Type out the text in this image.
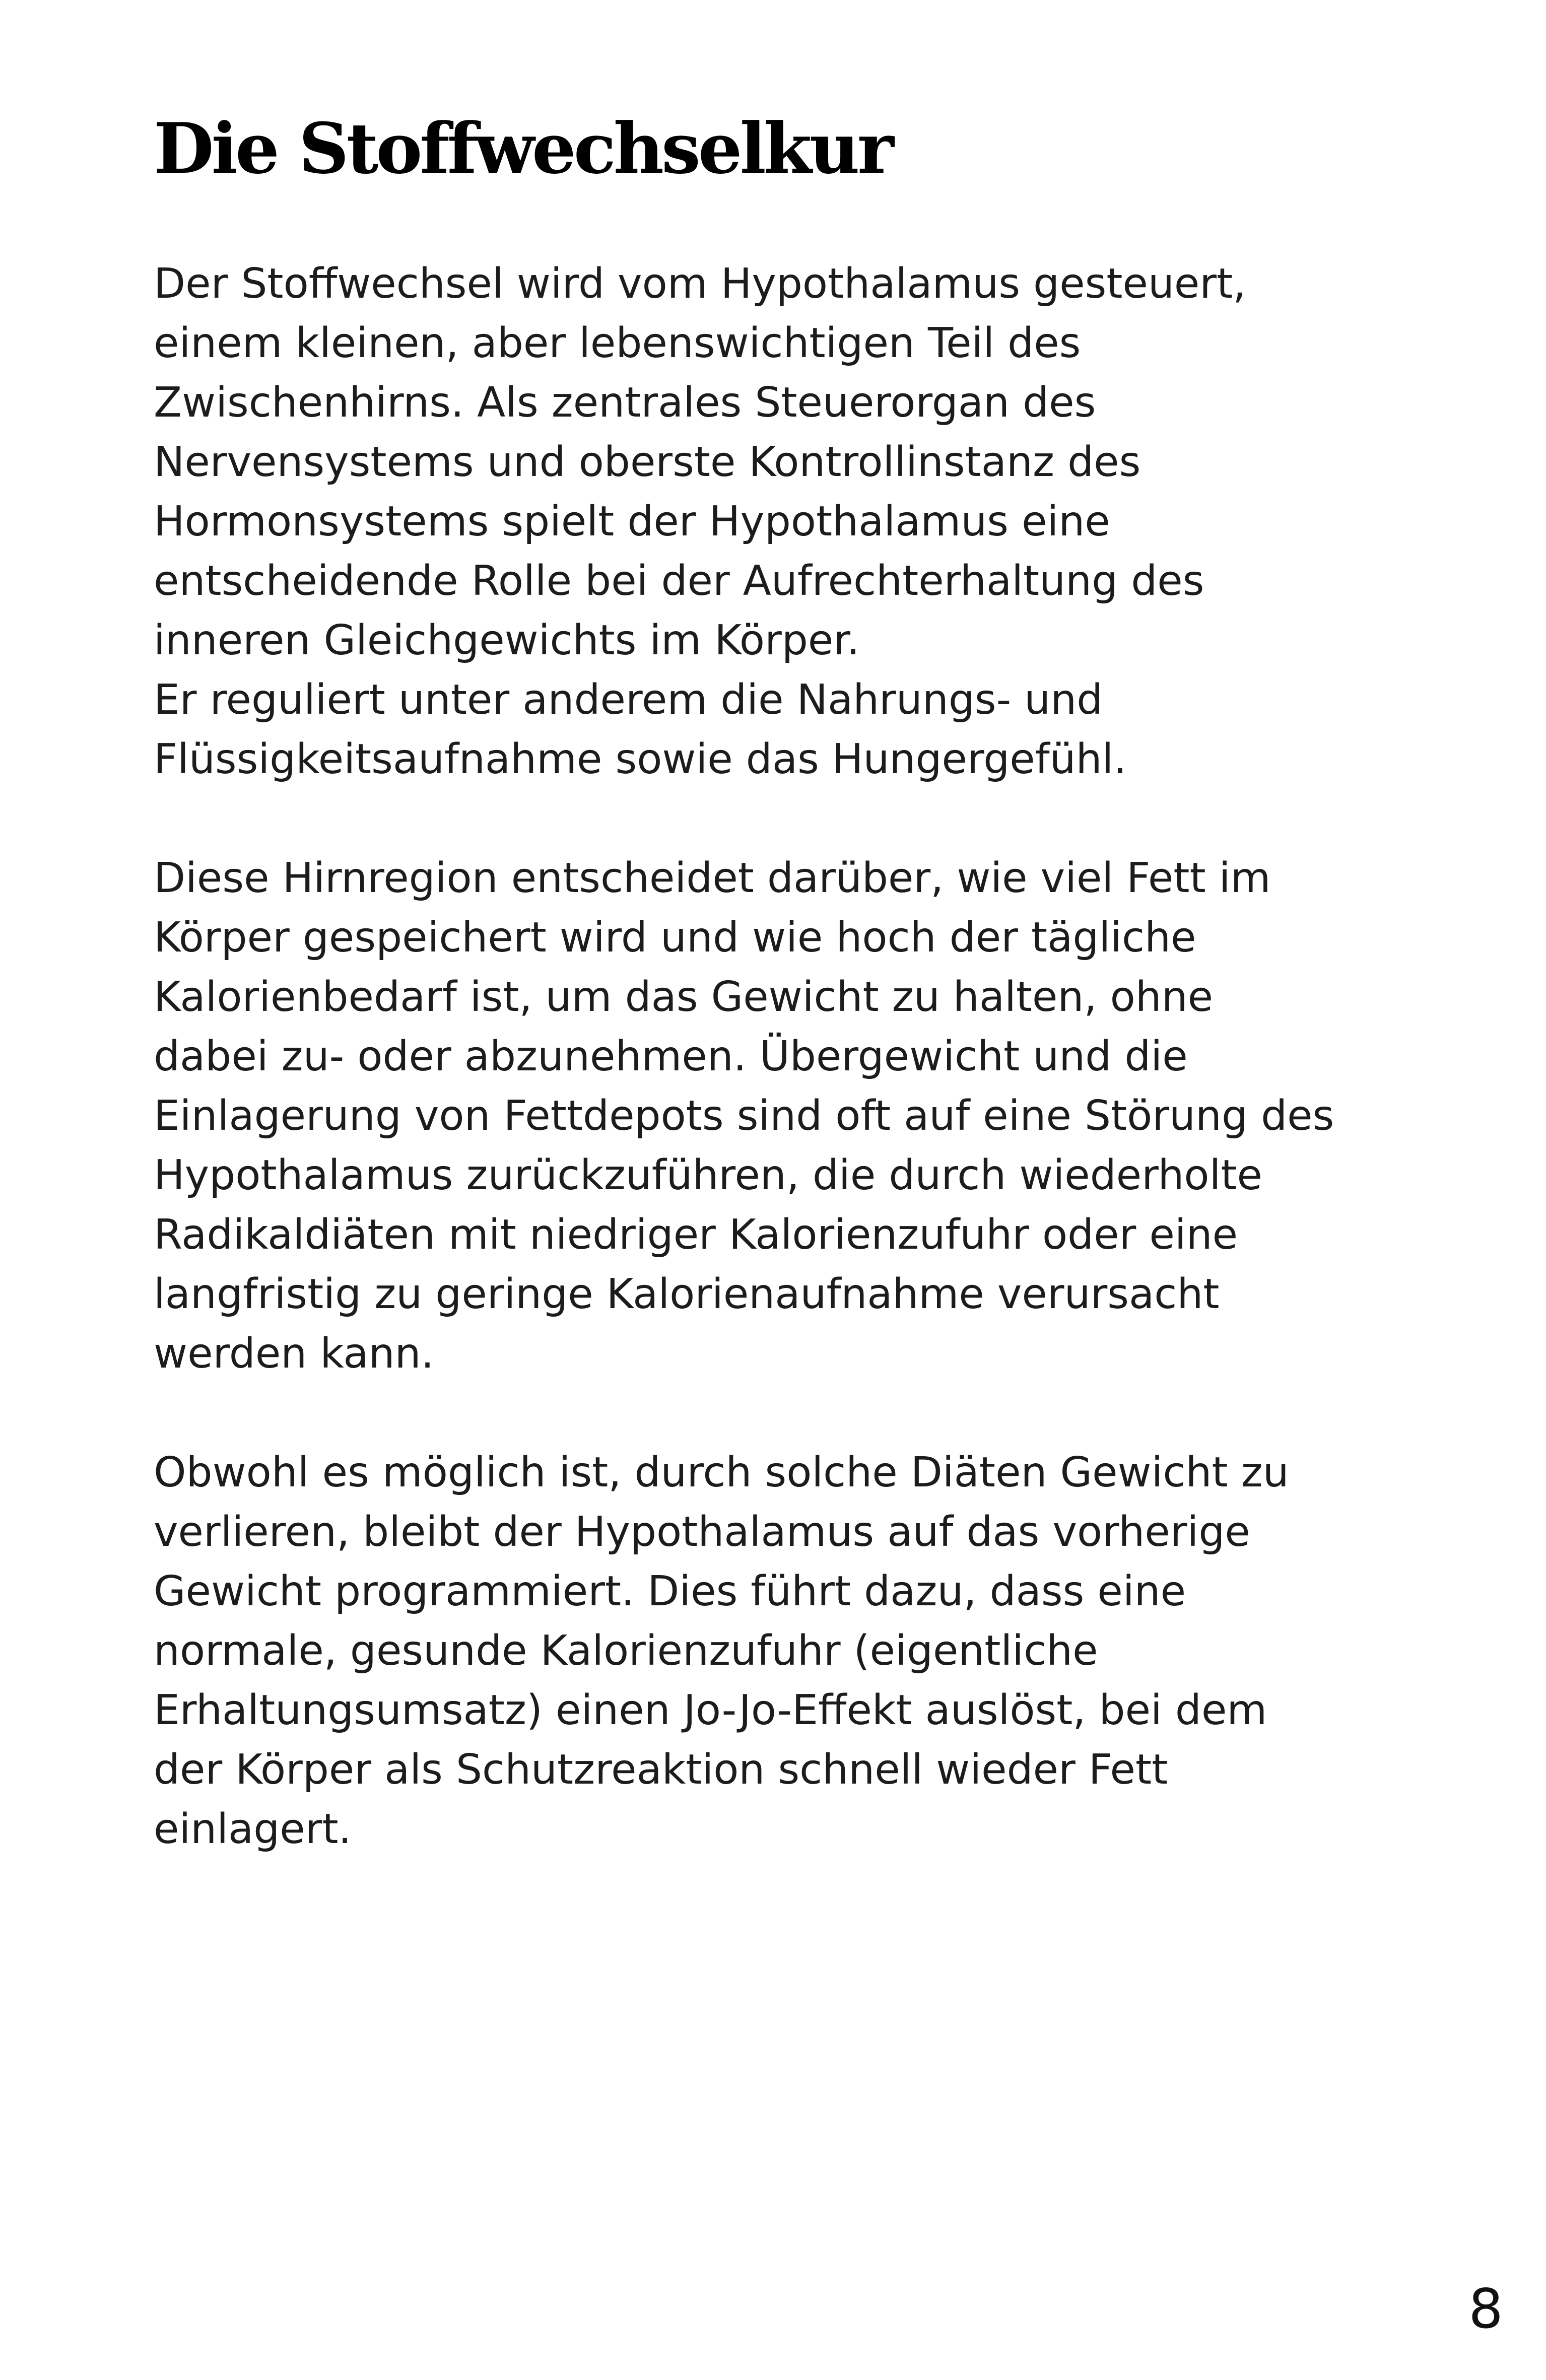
Die Stoffwechselkur

Der Stoffwechsel wird vom Hypothalamus gesteuert,
einem kleinen, aber lebenswichtigen Teil des
Zwischenhirns. Als zentrales Steuerorgan des
Nervensystems und oberste Kontrollinstanz des
Hormonsystems spielt der Hypothalamus eine
entscheidende Rolle bei der Aufrechterhaltung des
inneren Gleichgewichts im Körper.
Er reguliert unter anderem die Nahrungs- und
Flüssigkeitsaufnahme sowie das Hungergefühl.

Diese Hirnregion entscheidet darüber, wie viel Fett im
Körper gespeichert wird und wie hoch der tägliche
Kalorienbedarf ist, um das Gewicht zu halten, ohne
dabei zu- oder abzunehmen. Übergewicht und die
Einlagerung von Fettdepots sind oft auf eine Störung des
Hypothalamus zurückzuführen, die durch wiederholte
Radikaldiäten mit niedriger Kalorienzufuhr oder eine
langfristig zu geringe Kalorienaufnahme verursacht
werden kann.

Obwohl es möglich ist, durch solche Diäten Gewicht zu
verlieren, bleibt der Hypothalamus auf das vorherige
Gewicht programmiert. Dies führt dazu, dass eine
normale, gesunde Kalorienzufuhr (eigentliche
Erhaltungsumsatz) einen Jo-Jo-Effekt auslöst, bei dem
der Körper als Schutzreaktion schnell wieder Fett
einlagert.

8
